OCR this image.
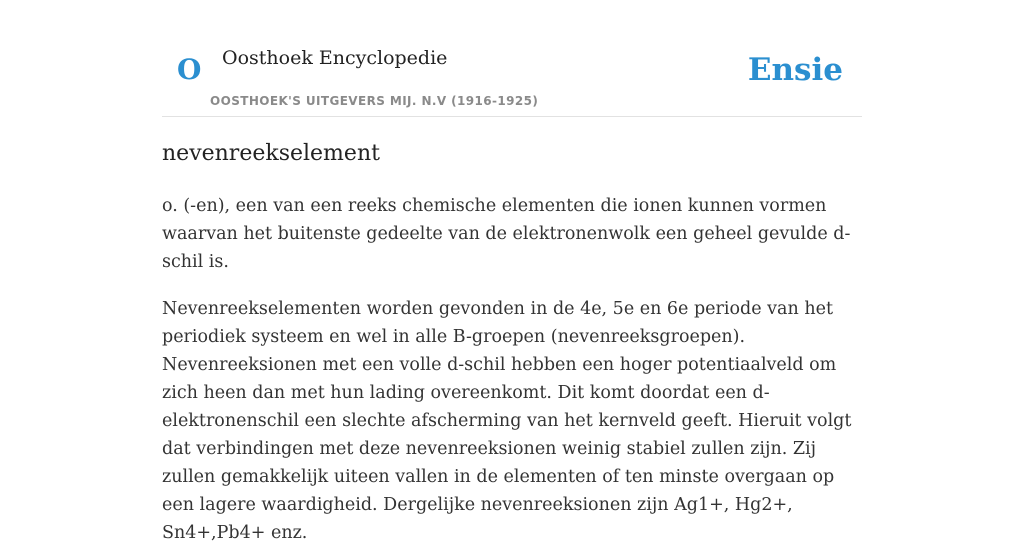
O Oosthoek Encyclopedie
OOSTHOEK'S UITGEVERS MIJ. N.V (1916-1925)
Ensie
nevenreekselement

o. (-en), een van een reeks chemische elementen die ionen kunnen vormen waarvan het buitenste gedeelte van de elektronenwolk een geheel gevulde d-schil is.

Nevenreekselementen worden gevonden in de 4e, 5e en 6e periode van het periodiek systeem en wel in alle B-groepen (nevenreeksgroepen). Nevenreeksionen met een volle d-schil hebben een hoger potentiaalveld om zich heen dan met hun lading overeenkomt. Dit komt doordat een d-elektronenschil een slechte afscherming van het kernveld geeft. Hieruit volgt dat verbindingen met deze nevenreeksionen weinig stabiel zullen zijn. Zij zullen gemakkelijk uiteen vallen in de elementen of ten minste overgaan op een lagere waardigheid. Dergelijke nevenreeksionen zijn Ag1+, Hg2+, Sn4+,Pb4+ enz.
